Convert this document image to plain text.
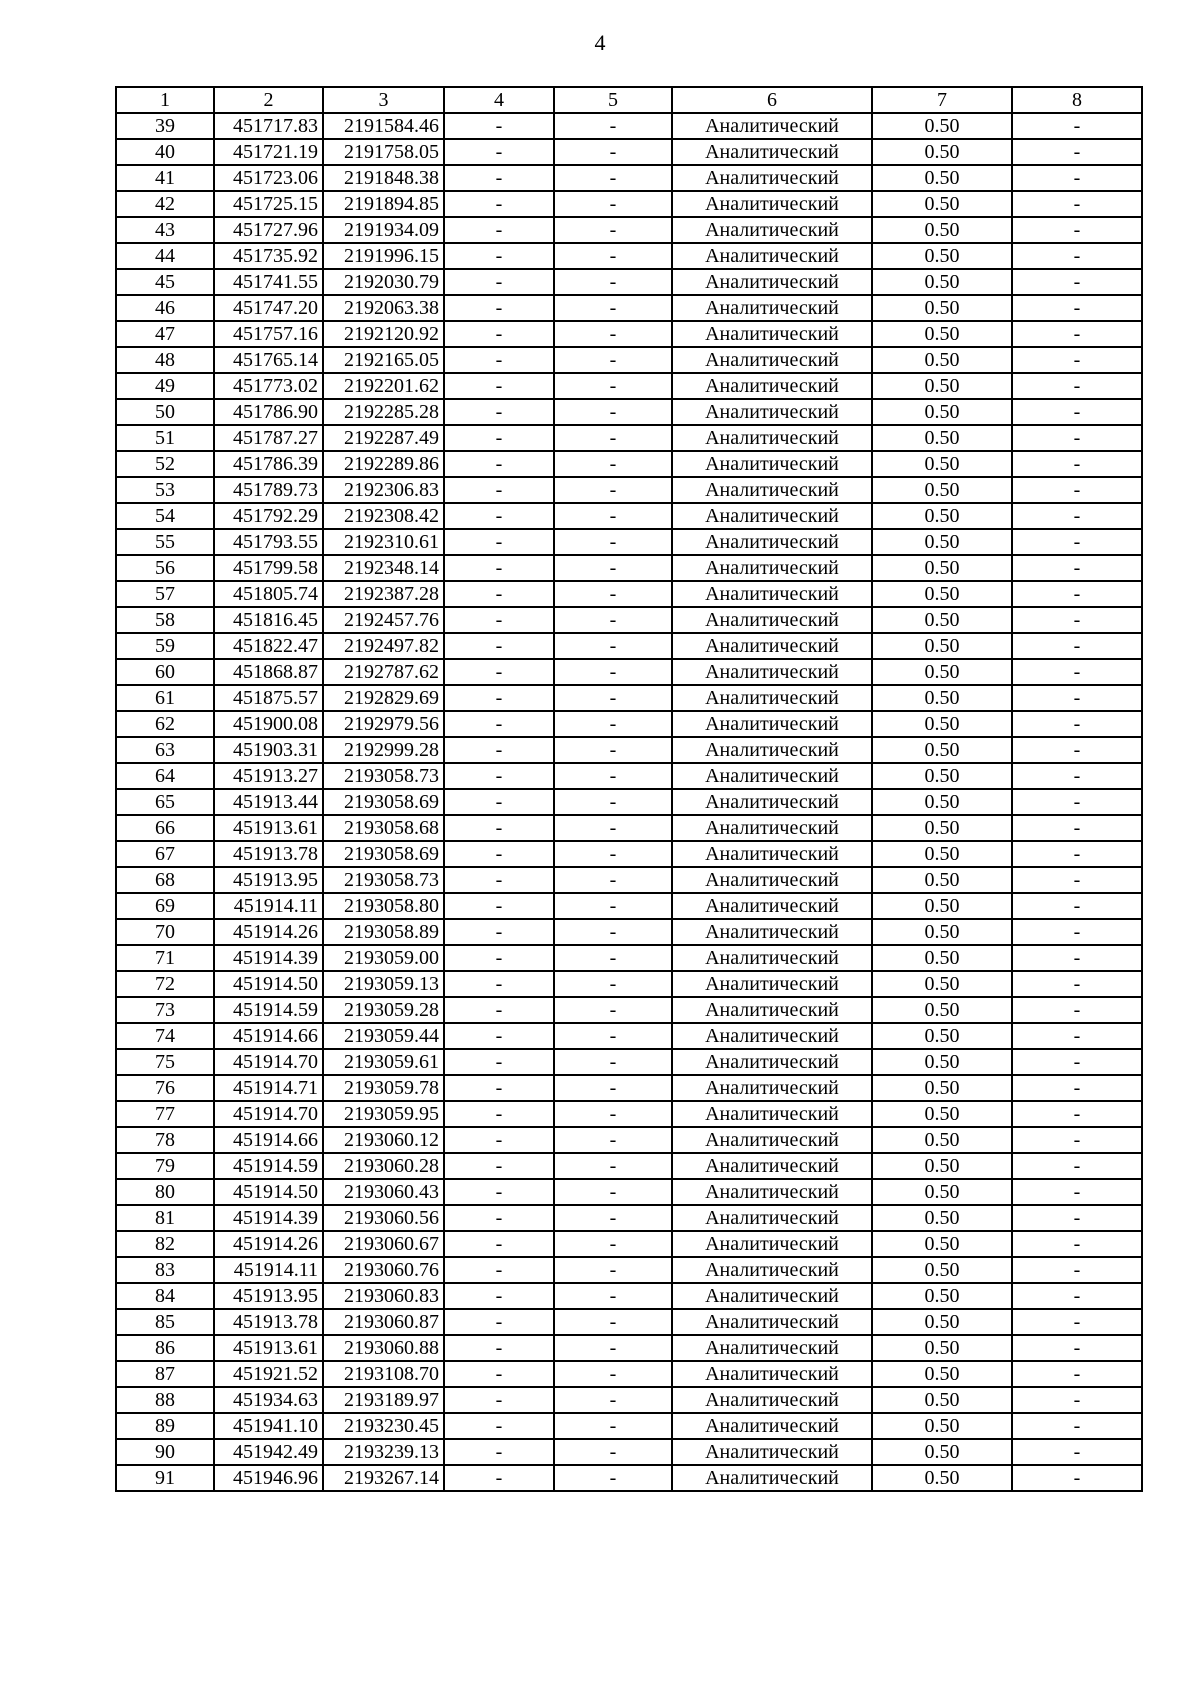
4
1	2	3	4	5	6	7	8
39	451717.83	2191584.46	-	-	Аналитический	0.50	-
40	451721.19	2191758.05	-	-	Аналитический	0.50	-
41	451723.06	2191848.38	-	-	Аналитический	0.50	-
42	451725.15	2191894.85	-	-	Аналитический	0.50	-
43	451727.96	2191934.09	-	-	Аналитический	0.50	-
44	451735.92	2191996.15	-	-	Аналитический	0.50	-
45	451741.55	2192030.79	-	-	Аналитический	0.50	-
46	451747.20	2192063.38	-	-	Аналитический	0.50	-
47	451757.16	2192120.92	-	-	Аналитический	0.50	-
48	451765.14	2192165.05	-	-	Аналитический	0.50	-
49	451773.02	2192201.62	-	-	Аналитический	0.50	-
50	451786.90	2192285.28	-	-	Аналитический	0.50	-
51	451787.27	2192287.49	-	-	Аналитический	0.50	-
52	451786.39	2192289.86	-	-	Аналитический	0.50	-
53	451789.73	2192306.83	-	-	Аналитический	0.50	-
54	451792.29	2192308.42	-	-	Аналитический	0.50	-
55	451793.55	2192310.61	-	-	Аналитический	0.50	-
56	451799.58	2192348.14	-	-	Аналитический	0.50	-
57	451805.74	2192387.28	-	-	Аналитический	0.50	-
58	451816.45	2192457.76	-	-	Аналитический	0.50	-
59	451822.47	2192497.82	-	-	Аналитический	0.50	-
60	451868.87	2192787.62	-	-	Аналитический	0.50	-
61	451875.57	2192829.69	-	-	Аналитический	0.50	-
62	451900.08	2192979.56	-	-	Аналитический	0.50	-
63	451903.31	2192999.28	-	-	Аналитический	0.50	-
64	451913.27	2193058.73	-	-	Аналитический	0.50	-
65	451913.44	2193058.69	-	-	Аналитический	0.50	-
66	451913.61	2193058.68	-	-	Аналитический	0.50	-
67	451913.78	2193058.69	-	-	Аналитический	0.50	-
68	451913.95	2193058.73	-	-	Аналитический	0.50	-
69	451914.11	2193058.80	-	-	Аналитический	0.50	-
70	451914.26	2193058.89	-	-	Аналитический	0.50	-
71	451914.39	2193059.00	-	-	Аналитический	0.50	-
72	451914.50	2193059.13	-	-	Аналитический	0.50	-
73	451914.59	2193059.28	-	-	Аналитический	0.50	-
74	451914.66	2193059.44	-	-	Аналитический	0.50	-
75	451914.70	2193059.61	-	-	Аналитический	0.50	-
76	451914.71	2193059.78	-	-	Аналитический	0.50	-
77	451914.70	2193059.95	-	-	Аналитический	0.50	-
78	451914.66	2193060.12	-	-	Аналитический	0.50	-
79	451914.59	2193060.28	-	-	Аналитический	0.50	-
80	451914.50	2193060.43	-	-	Аналитический	0.50	-
81	451914.39	2193060.56	-	-	Аналитический	0.50	-
82	451914.26	2193060.67	-	-	Аналитический	0.50	-
83	451914.11	2193060.76	-	-	Аналитический	0.50	-
84	451913.95	2193060.83	-	-	Аналитический	0.50	-
85	451913.78	2193060.87	-	-	Аналитический	0.50	-
86	451913.61	2193060.88	-	-	Аналитический	0.50	-
87	451921.52	2193108.70	-	-	Аналитический	0.50	-
88	451934.63	2193189.97	-	-	Аналитический	0.50	-
89	451941.10	2193230.45	-	-	Аналитический	0.50	-
90	451942.49	2193239.13	-	-	Аналитический	0.50	-
91	451946.96	2193267.14	-	-	Аналитический	0.50	-
